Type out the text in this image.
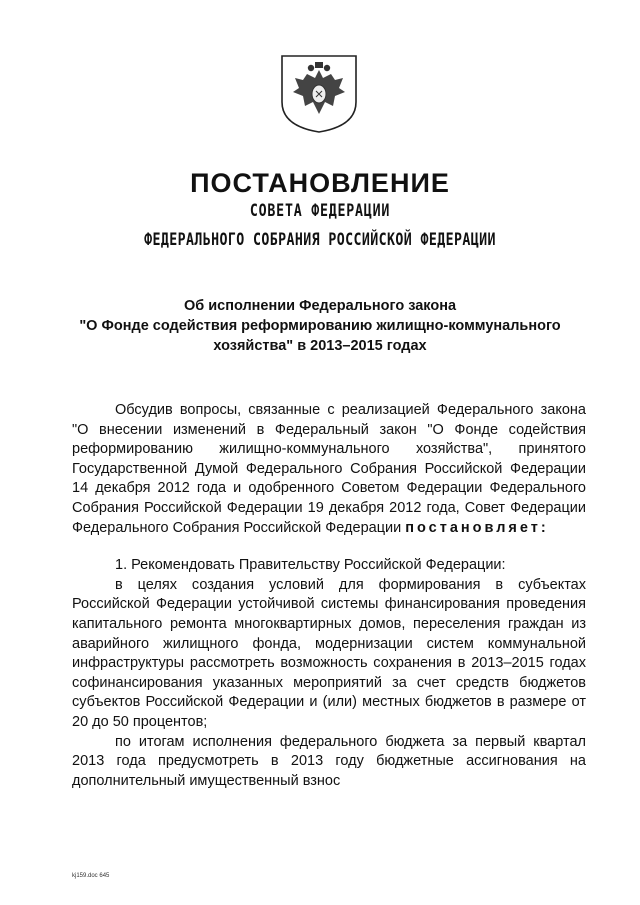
ПОСТАНОВЛЕНИЕ
СОВЕТА ФЕДЕРАЦИИ
ФЕДЕРАЛЬНОГО СОБРАНИЯ РОССИЙСКОЙ ФЕДЕРАЦИИ
Об исполнении Федерального закона
"О Фонде содействия реформированию жилищно-коммунального
хозяйства" в 2013–2015 годах

Обсудив вопросы, связанные с реализацией Федерального закона "О внесении изменений в Федеральный закон "О Фонде содействия реформированию жилищно-коммунального хозяйства", принятого Государственной Думой Федерального Собрания Российской Федерации 14 декабря 2012 года и одобренного Советом Федерации Федерального Собрания Российской Федерации 19 декабря 2012 года, Совет Федерации Федерального Собрания Российской Федерации постановляет:

1. Рекомендовать Правительству Российской Федерации:

в целях создания условий для формирования в субъектах Российской Федерации устойчивой системы финансирования проведения капитального ремонта многоквартирных домов, переселения граждан из аварийного жилищного фонда, модернизации систем коммунальной инфраструктуры рассмотреть возможность сохранения в 2013–2015 годах софинансирования указанных мероприятий за счет средств бюджетов субъектов Российской Федерации и (или) местных бюджетов в размере от 20 до 50 процентов;

по итогам исполнения федерального бюджета за первый квартал 2013 года предусмотреть в 2013 году бюджетные ассигнования на дополнительный имущественный взнос

kj159.doc 645
